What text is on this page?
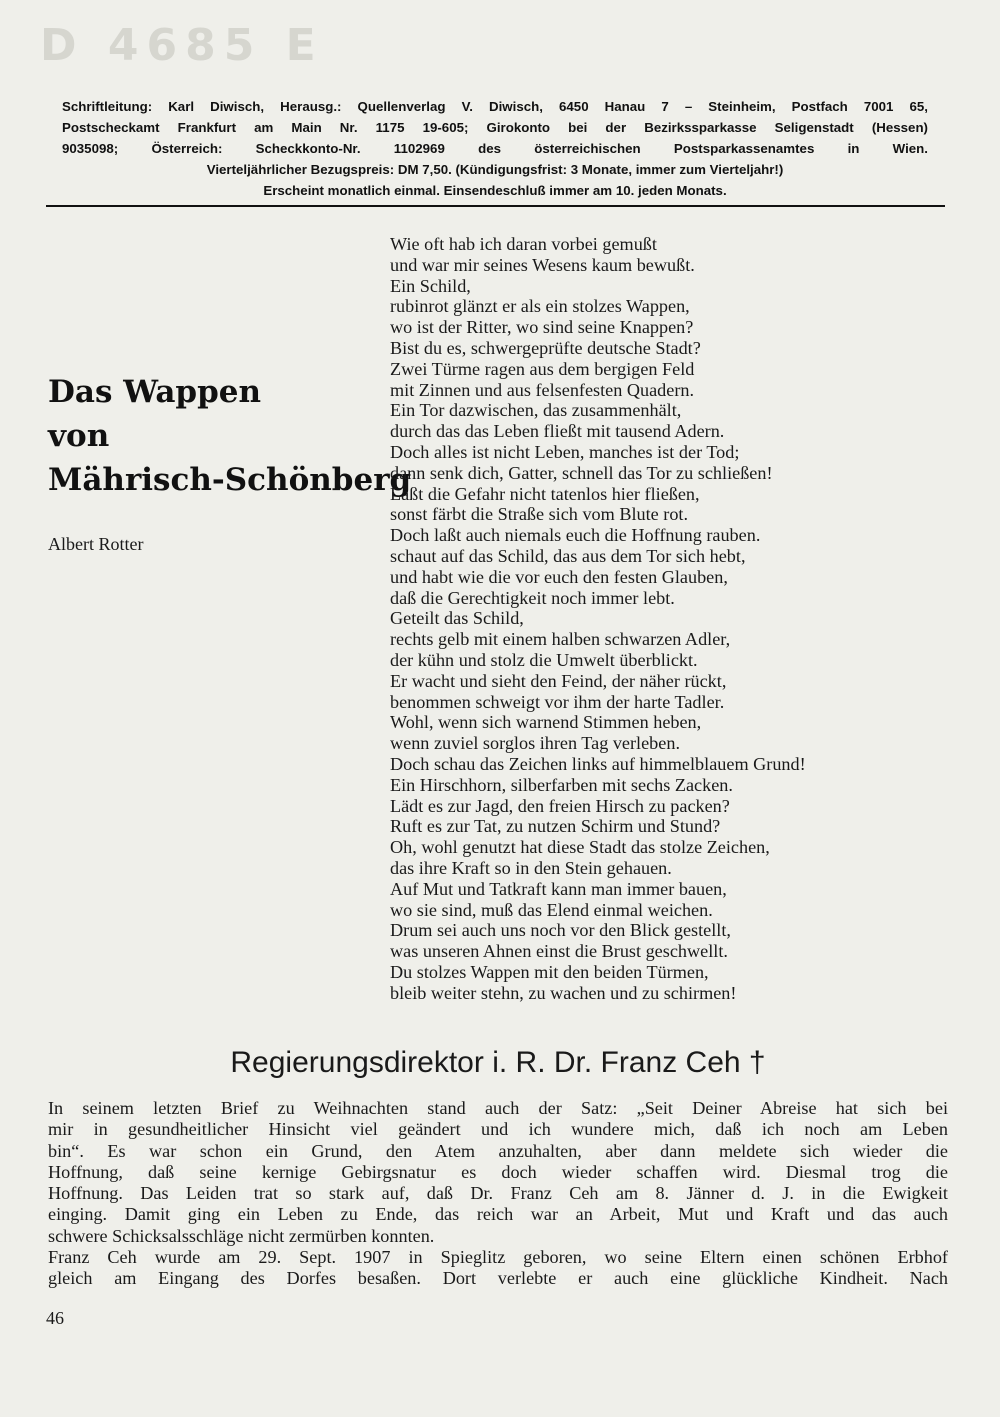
D 4685 E
Schriftleitung: Karl Diwisch, Herausg.: Quellenverlag V. Diwisch, 6450 Hanau 7 – Steinheim, Postfach 7001 65,
Postscheckamt Frankfurt am Main Nr. 1175 19-605; Girokonto bei der Bezirkssparkasse Seligenstadt (Hessen)
9035098; Österreich: Scheckkonto-Nr. 1102969 des österreichischen Postsparkassenamtes in Wien.
Vierteljährlicher Bezugspreis: DM 7,50. (Kündigungsfrist: 3 Monate, immer zum Vierteljahr!)
Erscheint monatlich einmal. Einsendeschluß immer am 10. jeden Monats.
Das Wappen
von
Mährisch-Schönberg
Albert Rotter
Wie oft hab ich daran vorbei gemußt
und war mir seines Wesens kaum bewußt.
Ein Schild,
rubinrot glänzt er als ein stolzes Wappen,
wo ist der Ritter, wo sind seine Knappen?
Bist du es, schwergeprüfte deutsche Stadt?
Zwei Türme ragen aus dem bergigen Feld
mit Zinnen und aus felsenfesten Quadern.
Ein Tor dazwischen, das zusammenhält,
durch das das Leben fließt mit tausend Adern.
Doch alles ist nicht Leben, manches ist der Tod;
dann senk dich, Gatter, schnell das Tor zu schließen!
Laßt die Gefahr nicht tatenlos hier fließen,
sonst färbt die Straße sich vom Blute rot.
Doch laßt auch niemals euch die Hoffnung rauben.
schaut auf das Schild, das aus dem Tor sich hebt,
und habt wie die vor euch den festen Glauben,
daß die Gerechtigkeit noch immer lebt.
Geteilt das Schild,
rechts gelb mit einem halben schwarzen Adler,
der kühn und stolz die Umwelt überblickt.
Er wacht und sieht den Feind, der näher rückt,
benommen schweigt vor ihm der harte Tadler.
Wohl, wenn sich warnend Stimmen heben,
wenn zuviel sorglos ihren Tag verleben.
Doch schau das Zeichen links auf himmelblauem Grund!
Ein Hirschhorn, silberfarben mit sechs Zacken.
Lädt es zur Jagd, den freien Hirsch zu packen?
Ruft es zur Tat, zu nutzen Schirm und Stund?
Oh, wohl genutzt hat diese Stadt das stolze Zeichen,
das ihre Kraft so in den Stein gehauen.
Auf Mut und Tatkraft kann man immer bauen,
wo sie sind, muß das Elend einmal weichen.
Drum sei auch uns noch vor den Blick gestellt,
was unseren Ahnen einst die Brust geschwellt.
Du stolzes Wappen mit den beiden Türmen,
bleib weiter stehn, zu wachen und zu schirmen!
Regierungsdirektor i. R. Dr. Franz Ceh †
In seinem letzten Brief zu Weihnachten stand auch der Satz: „Seit Deiner Abreise hat sich bei
mir in gesundheitlicher Hinsicht viel geändert und ich wundere mich, daß ich noch am Leben
bin“. Es war schon ein Grund, den Atem anzuhalten, aber dann meldete sich wieder die
Hoffnung, daß seine kernige Gebirgsnatur es doch wieder schaffen wird. Diesmal trog die
Hoffnung. Das Leiden trat so stark auf, daß Dr. Franz Ceh am 8. Jänner d. J. in die Ewigkeit
einging. Damit ging ein Leben zu Ende, das reich war an Arbeit, Mut und Kraft und das auch
schwere Schicksalsschläge nicht zermürben konnten.
Franz Ceh wurde am 29. Sept. 1907 in Spieglitz geboren, wo seine Eltern einen schönen Erbhof
gleich am Eingang des Dorfes besaßen. Dort verlebte er auch eine glückliche Kindheit. Nach
46
